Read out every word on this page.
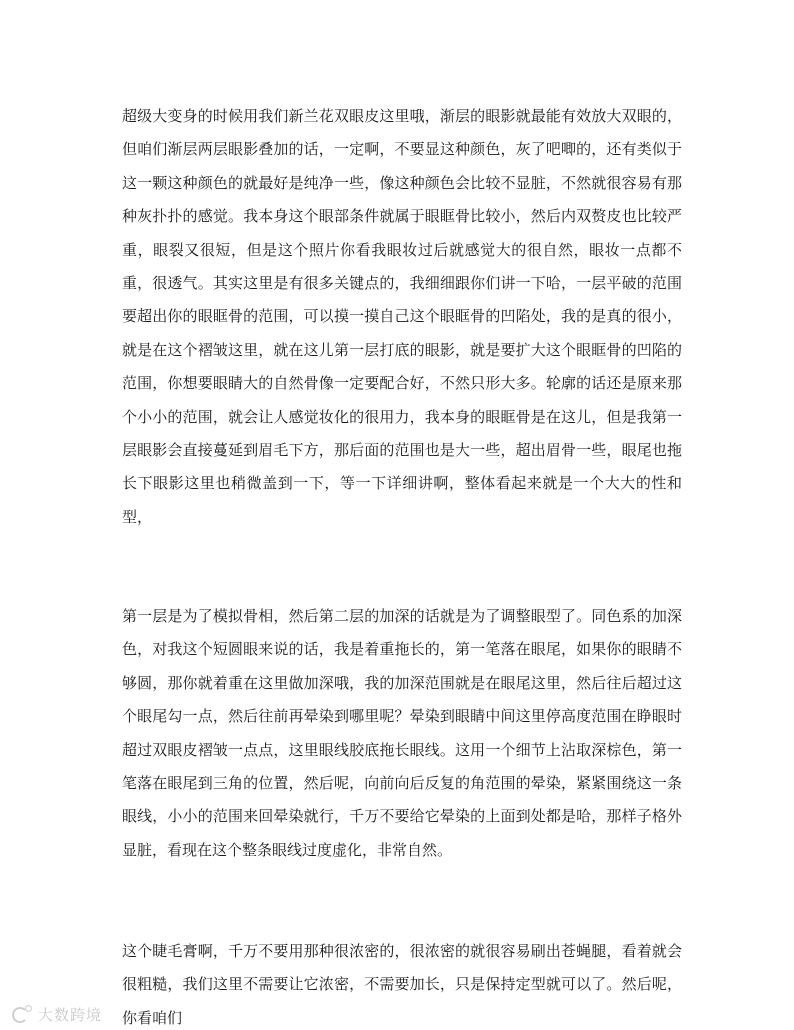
超级大变身的时候用我们新兰花双眼皮这里哦，渐层的眼影就最能有效放大双眼的，但咱们渐层两层眼影叠加的话，一定啊，不要显这种颜色，灰了吧唧的，还有类似于这一颗这种颜色的就最好是纯净一些，像这种颜色会比较不显脏，不然就很容易有那种灰扑扑的感觉。我本身这个眼部条件就属于眼眶骨比较小，然后内双赘皮也比较严重，眼裂又很短，但是这个照片你看我眼妆过后就感觉大的很自然，眼妆一点都不重，很透气。其实这里是有很多关键点的，我细细跟你们讲一下哈，一层平破的范围要超出你的眼眶骨的范围，可以摸一摸自己这个眼眶骨的凹陷处，我的是真的很小，就是在这个褶皱这里，就在这儿第一层打底的眼影，就是要扩大这个眼眶骨的凹陷的范围，你想要眼睛大的自然骨像一定要配合好，不然只形大多。轮廓的话还是原来那个小小的范围，就会让人感觉妆化的很用力，我本身的眼眶骨是在这儿，但是我第一层眼影会直接蔓延到眉毛下方，那后面的范围也是大一些，超出眉骨一些，眼尾也拖长下眼影这里也稍微盖到一下，等一下详细讲啊，整体看起来就是一个大大的性和型，

第一层是为了模拟骨相，然后第二层的加深的话就是为了调整眼型了。同色系的加深色，对我这个短圆眼来说的话，我是着重拖长的，第一笔落在眼尾，如果你的眼睛不够圆，那你就着重在这里做加深哦，我的加深范围就是在眼尾这里，然后往后超过这个眼尾勾一点，然后往前再晕染到哪里呢？晕染到眼睛中间这里停高度范围在睁眼时超过双眼皮褶皱一点点，这里眼线胶底拖长眼线。这用一个细节上沾取深棕色，第一笔落在眼尾到三角的位置，然后呢，向前向后反复的角范围的晕染，紧紧围绕这一条眼线，小小的范围来回晕染就行，千万不要给它晕染的上面到处都是哈，那样子格外显脏，看现在这个整条眼线过度虚化，非常自然。

这个睫毛膏啊，千万不要用那种很浓密的，很浓密的就很容易刷出苍蝇腿，看着就会很粗糙，我们这里不需要让它浓密，不需要加长，只是保持定型就可以了。然后呢，你看咱们

大数跨境
